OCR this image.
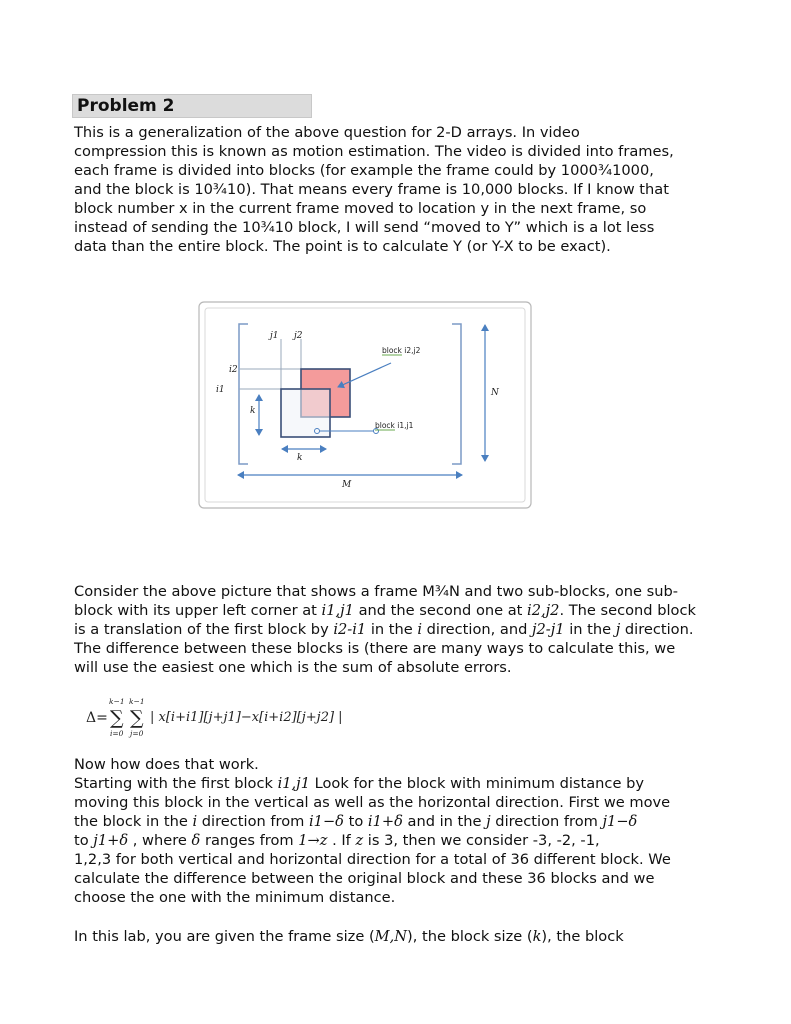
Problem 2

This is a generalization of the above question for 2-D arrays. In video

compression this is known as motion estimation. The video is divided into frames,

each frame is divided into blocks (for example the frame could by 1000¾1000,

and the block is 10¾10). That means every frame is 10,000 blocks. If I know that

block number x in the current frame moved to location y in the next frame, so

instead of sending the 10¾10 block, I will send “moved to Y” which is a lot less

data than the entire block. The point is to calculate Y (or Y-X to be exact).

j1 j2
i2
i1
k
k
N
M
block i2,j2
block i1,j1

Consider the above picture that shows a frame M¾N and two sub-blocks, one sub-

block with its upper left corner at i1,j1 and the second one at i2,j2. The second block

is a translation of the first block by i2-i1 in the i direction, and j2-j1 in the j direction.

The difference between these blocks is (there are many ways to calculate this, we

will use the easiest one which is the sum of absolute errors.

Δ= ∑
k−1
i=0
∑
k−1
j=0
| x[i+i1][j+j1]−x[i+i2][j+j2] |

Now how does that work.

Starting with the first block i1,j1 Look for the block with minimum distance by

moving this block in the vertical as well as the horizontal direction. First we move

the block in the i direction from i1−δ to i1+δ and in the j direction from j1−δ

to j1+δ , where δ ranges from 1→z . If z is 3, then we consider -3, -2, -1,

1,2,3 for both vertical and horizontal direction for a total of 36 different block. We

calculate the difference between the original block and these 36 blocks and we

choose the one with the minimum distance.

In this lab, you are given the frame size (M,N), the block size (k), the block
